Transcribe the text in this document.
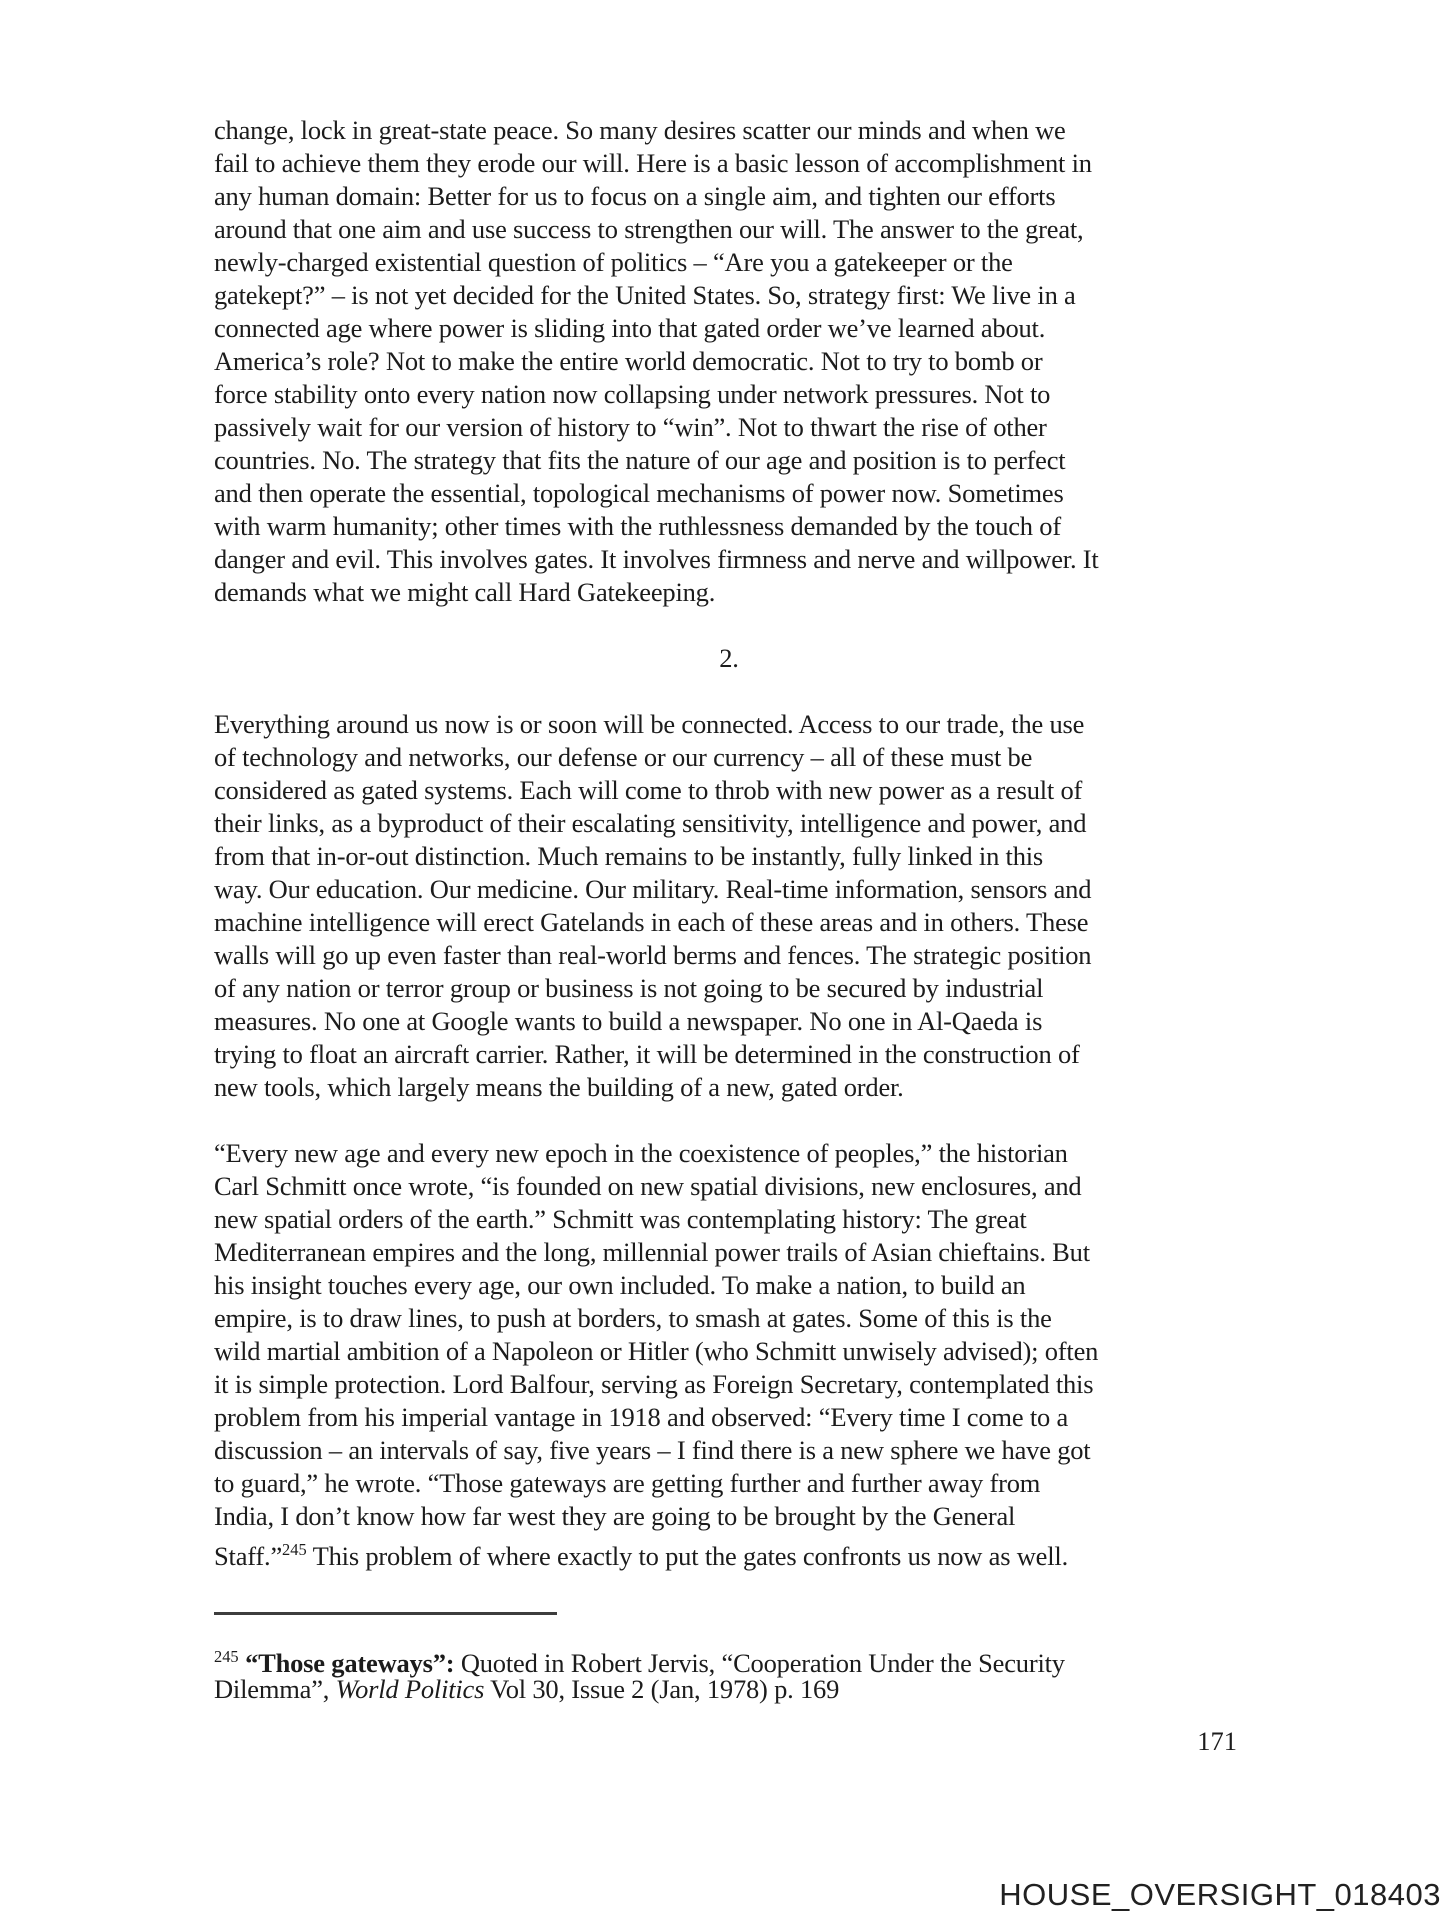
change, lock in great-state peace. So many desires scatter our minds and when we
fail to achieve them they erode our will. Here is a basic lesson of accomplishment in
any human domain: Better for us to focus on a single aim, and tighten our efforts
around that one aim and use success to strengthen our will. The answer to the great,
newly-charged existential question of politics – “Are you a gatekeeper or the
gatekept?” – is not yet decided for the United States. So, strategy first: We live in a
connected age where power is sliding into that gated order we’ve learned about.
America’s role? Not to make the entire world democratic. Not to try to bomb or
force stability onto every nation now collapsing under network pressures. Not to
passively wait for our version of history to “win”. Not to thwart the rise of other
countries. No. The strategy that fits the nature of our age and position is to perfect
and then operate the essential, topological mechanisms of power now. Sometimes
with warm humanity; other times with the ruthlessness demanded by the touch of
danger and evil. This involves gates. It involves firmness and nerve and willpower. It
demands what we might call Hard Gatekeeping.
2.
Everything around us now is or soon will be connected. Access to our trade, the use
of technology and networks, our defense or our currency – all of these must be
considered as gated systems. Each will come to throb with new power as a result of
their links, as a byproduct of their escalating sensitivity, intelligence and power, and
from that in-or-out distinction. Much remains to be instantly, fully linked in this
way. Our education. Our medicine. Our military. Real-time information, sensors and
machine intelligence will erect Gatelands in each of these areas and in others. These
walls will go up even faster than real-world berms and fences. The strategic position
of any nation or terror group or business is not going to be secured by industrial
measures. No one at Google wants to build a newspaper. No one in Al-Qaeda is
trying to float an aircraft carrier. Rather, it will be determined in the construction of
new tools, which largely means the building of a new, gated order.
“Every new age and every new epoch in the coexistence of peoples,” the historian
Carl Schmitt once wrote, “is founded on new spatial divisions, new enclosures, and
new spatial orders of the earth.” Schmitt was contemplating history: The great
Mediterranean empires and the long, millennial power trails of Asian chieftains. But
his insight touches every age, our own included. To make a nation, to build an
empire, is to draw lines, to push at borders, to smash at gates. Some of this is the
wild martial ambition of a Napoleon or Hitler (who Schmitt unwisely advised); often
it is simple protection. Lord Balfour, serving as Foreign Secretary, contemplated this
problem from his imperial vantage in 1918 and observed: “Every time I come to a
discussion – an intervals of say, five years – I find there is a new sphere we have got
to guard,” he wrote. “Those gateways are getting further and further away from
India, I don’t know how far west they are going to be brought by the General
Staff.”$^{245}$ This problem of where exactly to put the gates confronts us now as well.
$^{245}$ “Those gateways”: Quoted in Robert Jervis, “Cooperation Under the Security
Dilemma”, World Politics Vol 30, Issue 2 (Jan, 1978) p. 169
171
HOUSE_OVERSIGHT_018403
